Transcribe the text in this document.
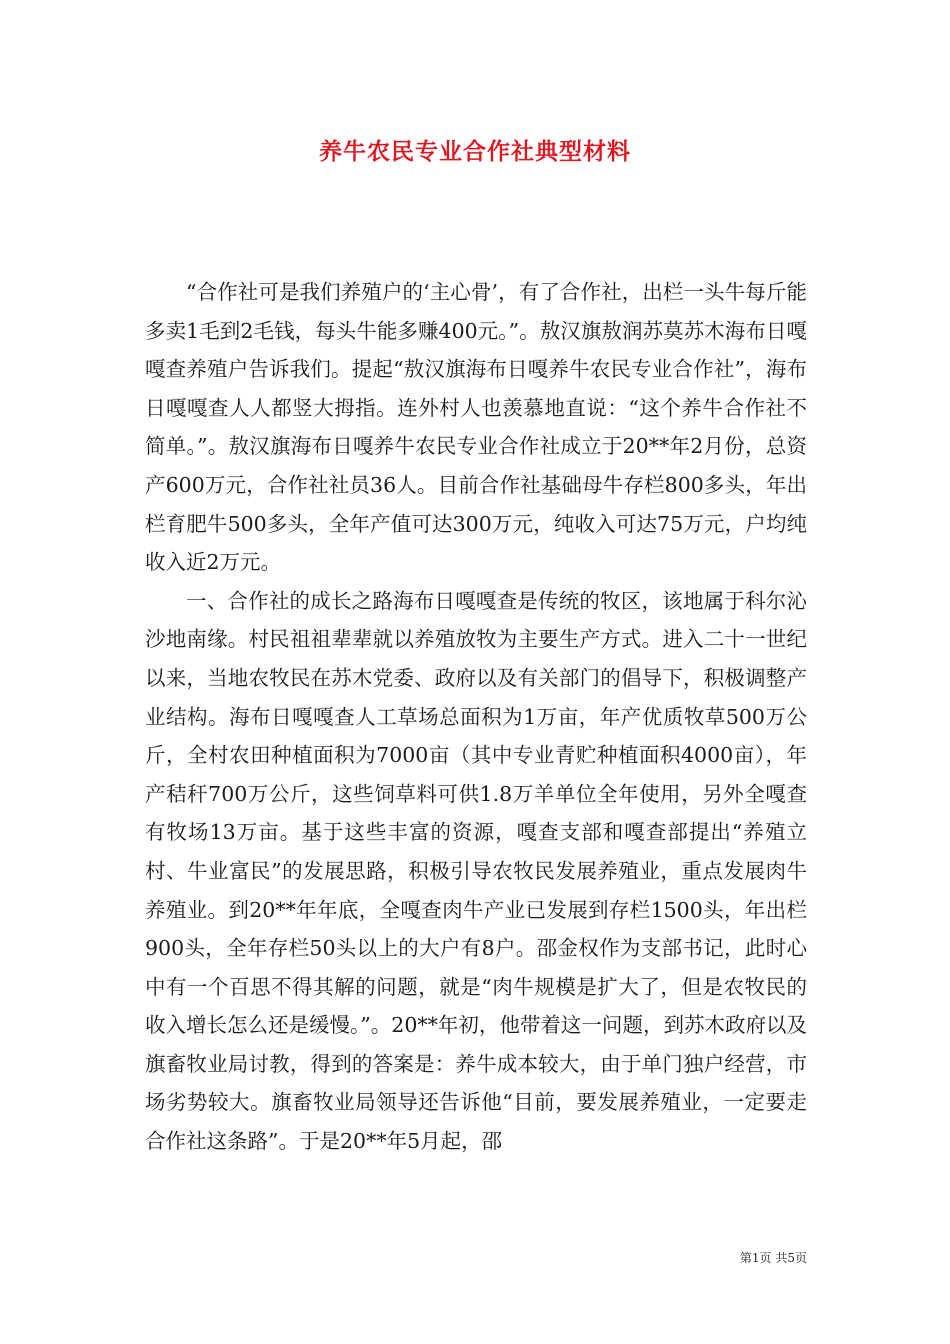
养牛农民专业合作社典型材料

“合作社可是我们养殖户的‘主心骨’，有了合作社，出栏一头牛每斤能多卖1毛到2毛钱，每头牛能多赚400元。”。敖汉旗敖润苏莫苏木海布日嘎嘎查养殖户告诉我们。提起“敖汉旗海布日嘎养牛农民专业合作社”，海布日嘎嘎查人人都竖大拇指。连外村人也羡慕地直说：“这个养牛合作社不简单。”。敖汉旗海布日嘎养牛农民专业合作社成立于20**年2月份，总资产600万元，合作社社员36人。目前合作社基础母牛存栏800多头，年出栏育肥牛500多头，全年产值可达300万元，纯收入可达75万元，户均纯收入近2万元。

一、合作社的成长之路海布日嘎嘎查是传统的牧区，该地属于科尔沁沙地南缘。村民祖祖辈辈就以养殖放牧为主要生产方式。进入二十一世纪以来，当地农牧民在苏木党委、政府以及有关部门的倡导下，积极调整产业结构。海布日嘎嘎查人工草场总面积为1万亩，年产优质牧草500万公斤，全村农田种植面积为7000亩（其中专业青贮种植面积4000亩），年产秸秆700万公斤，这些饲草料可供1.8万羊单位全年使用，另外全嘎查有牧场13万亩。基于这些丰富的资源，嘎查支部和嘎查部提出“养殖立村、牛业富民”的发展思路，积极引导农牧民发展养殖业，重点发展肉牛养殖业。到20**年年底，全嘎查肉牛产业已发展到存栏1500头，年出栏900头，全年存栏50头以上的大户有8户。邵金权作为支部书记，此时心中有一个百思不得其解的问题，就是“肉牛规模是扩大了，但是农牧民的收入增长怎么还是缓慢。”。20**年初，他带着这一问题，到苏木政府以及旗畜牧业局讨教，得到的答案是：养牛成本较大，由于单门独户经营，市场劣势较大。旗畜牧业局领导还告诉他“目前，要发展养殖业，一定要走合作社这条路”。于是20**年5月起，邵

第1页 共5页
